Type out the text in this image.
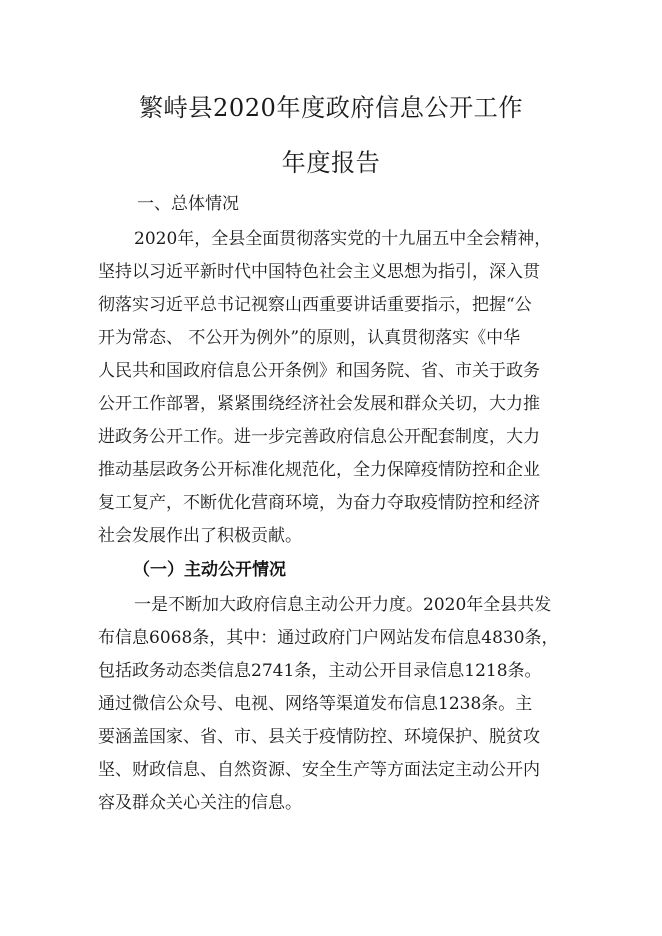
繁峙县2020年度政府信息公开工作
年度报告
一、总体情况
2020年，全县全面贯彻落实党的十九届五中全会精神，
坚持以习近平新时代中国特色社会主义思想为指引，深入贯
彻落实习近平总书记视察山西重要讲话重要指示，把握“公
开为常态、 不公开为例外”的原则，认真贯彻落实《中华
人民共和国政府信息公开条例》和国务院、省、市关于政务
公开工作部署，紧紧围绕经济社会发展和群众关切，大力推
进政务公开工作。进一步完善政府信息公开配套制度，大力
推动基层政务公开标准化规范化，全力保障疫情防控和企业
复工复产，不断优化营商环境，为奋力夺取疫情防控和经济
社会发展作出了积极贡献。
（一）主动公开情况
一是不断加大政府信息主动公开力度。2020年全县共发
布信息6068条，其中：通过政府门户网站发布信息4830条，
包括政务动态类信息2741条，主动公开目录信息1218条。
通过微信公众号、电视、网络等渠道发布信息1238条。主
要涵盖国家、省、市、县关于疫情防控、环境保护、脱贫攻
坚、财政信息、自然资源、安全生产等方面法定主动公开内
容及群众关心关注的信息。
